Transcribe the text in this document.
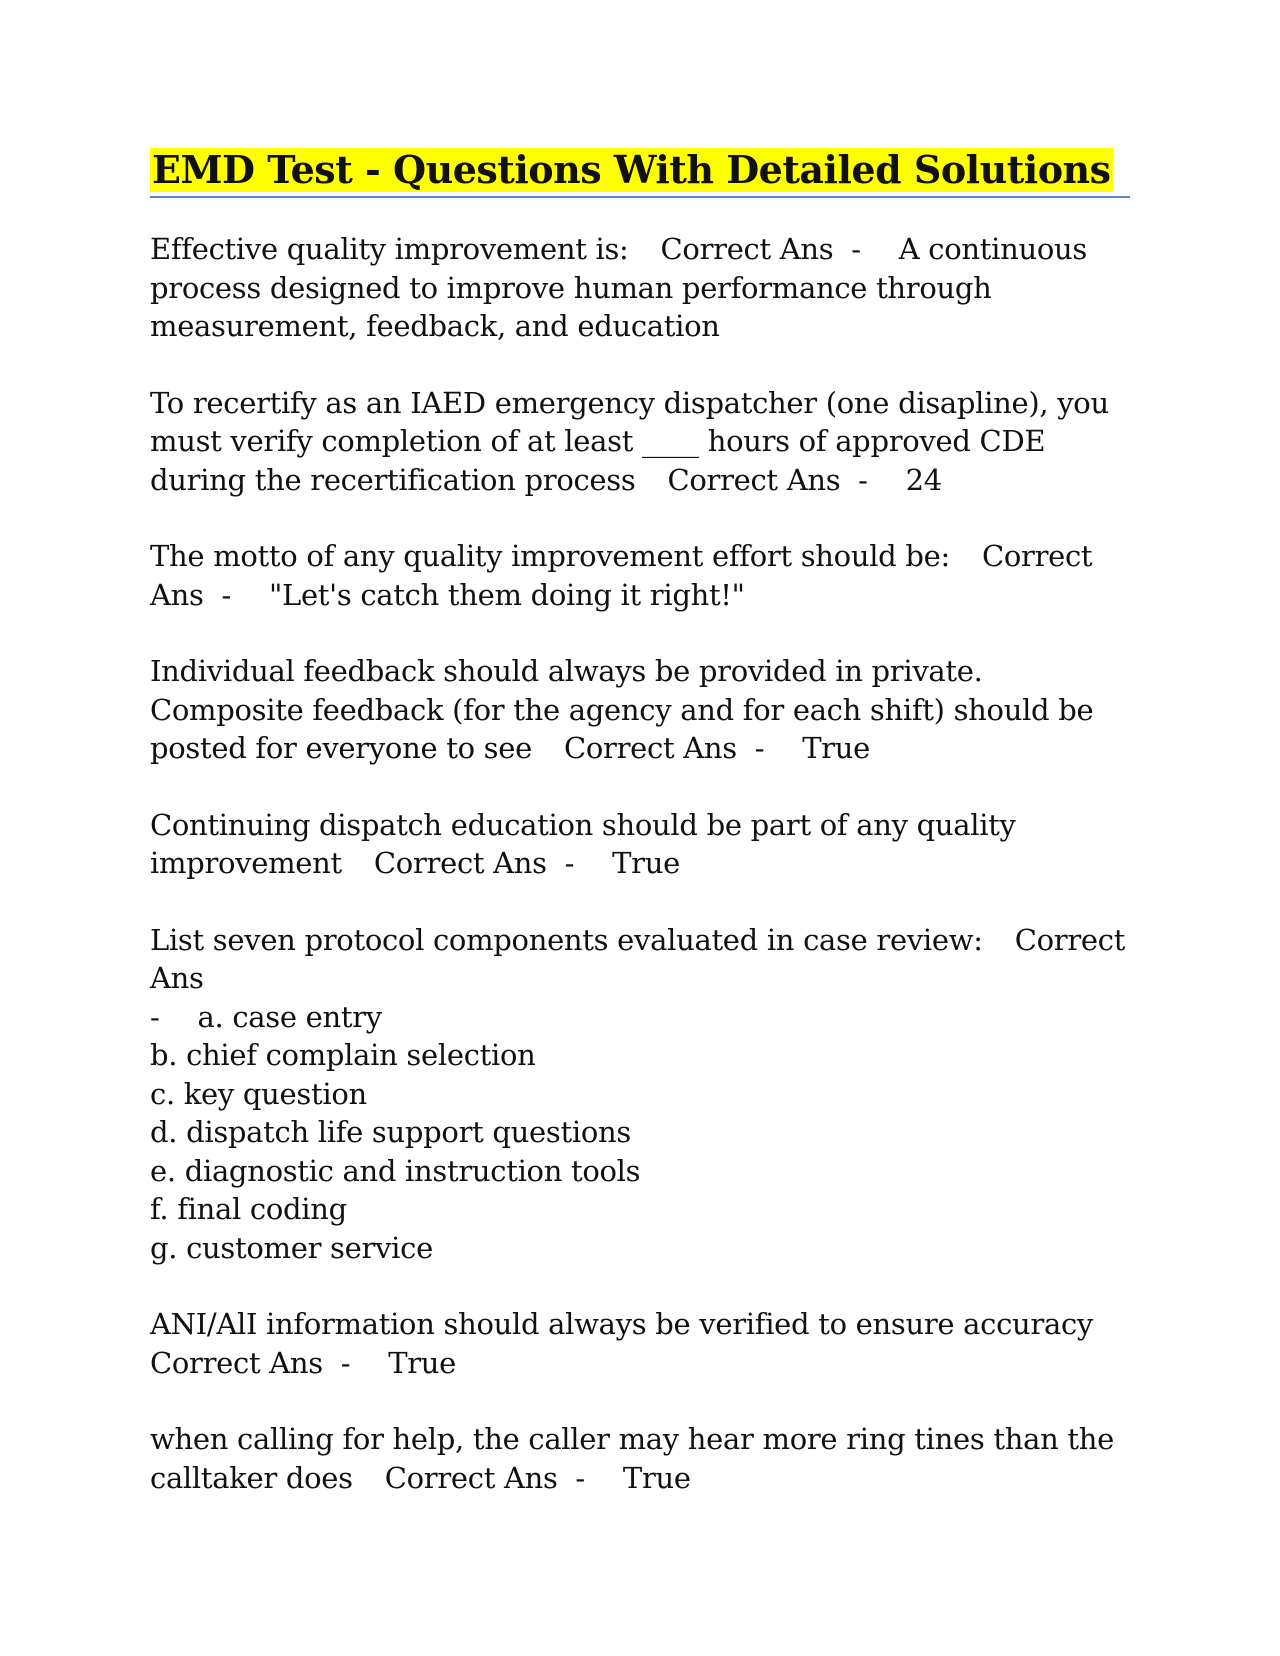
EMD Test - Questions With Detailed Solutions

Effective quality improvement is: Correct Ans  - A continuous process designed to improve human performance through measurement, feedback, and education

To recertify as an IAED emergency dispatcher (one disapline), you must verify completion of at least ____ hours of approved CDE during the recertification process Correct Ans  - 24

The motto of any quality improvement effort should be: Correct Ans  - "Let's catch them doing it right!"

Individual feedback should always be provided in private. Composite feedback (for the agency and for each shift) should be posted for everyone to see Correct Ans  - True

Continuing dispatch education should be part of any quality improvement Correct Ans  - True

List seven protocol components evaluated in case review: Correct Ans
- a. case entry
b. chief complain selection
c. key question
d. dispatch life support questions
e. diagnostic and instruction tools
f. final coding
g. customer service

ANI/AlI information should always be verified to ensure accuracy
Correct Ans  - True

when calling for help, the caller may hear more ring tines than the calltaker does Correct Ans  - True
